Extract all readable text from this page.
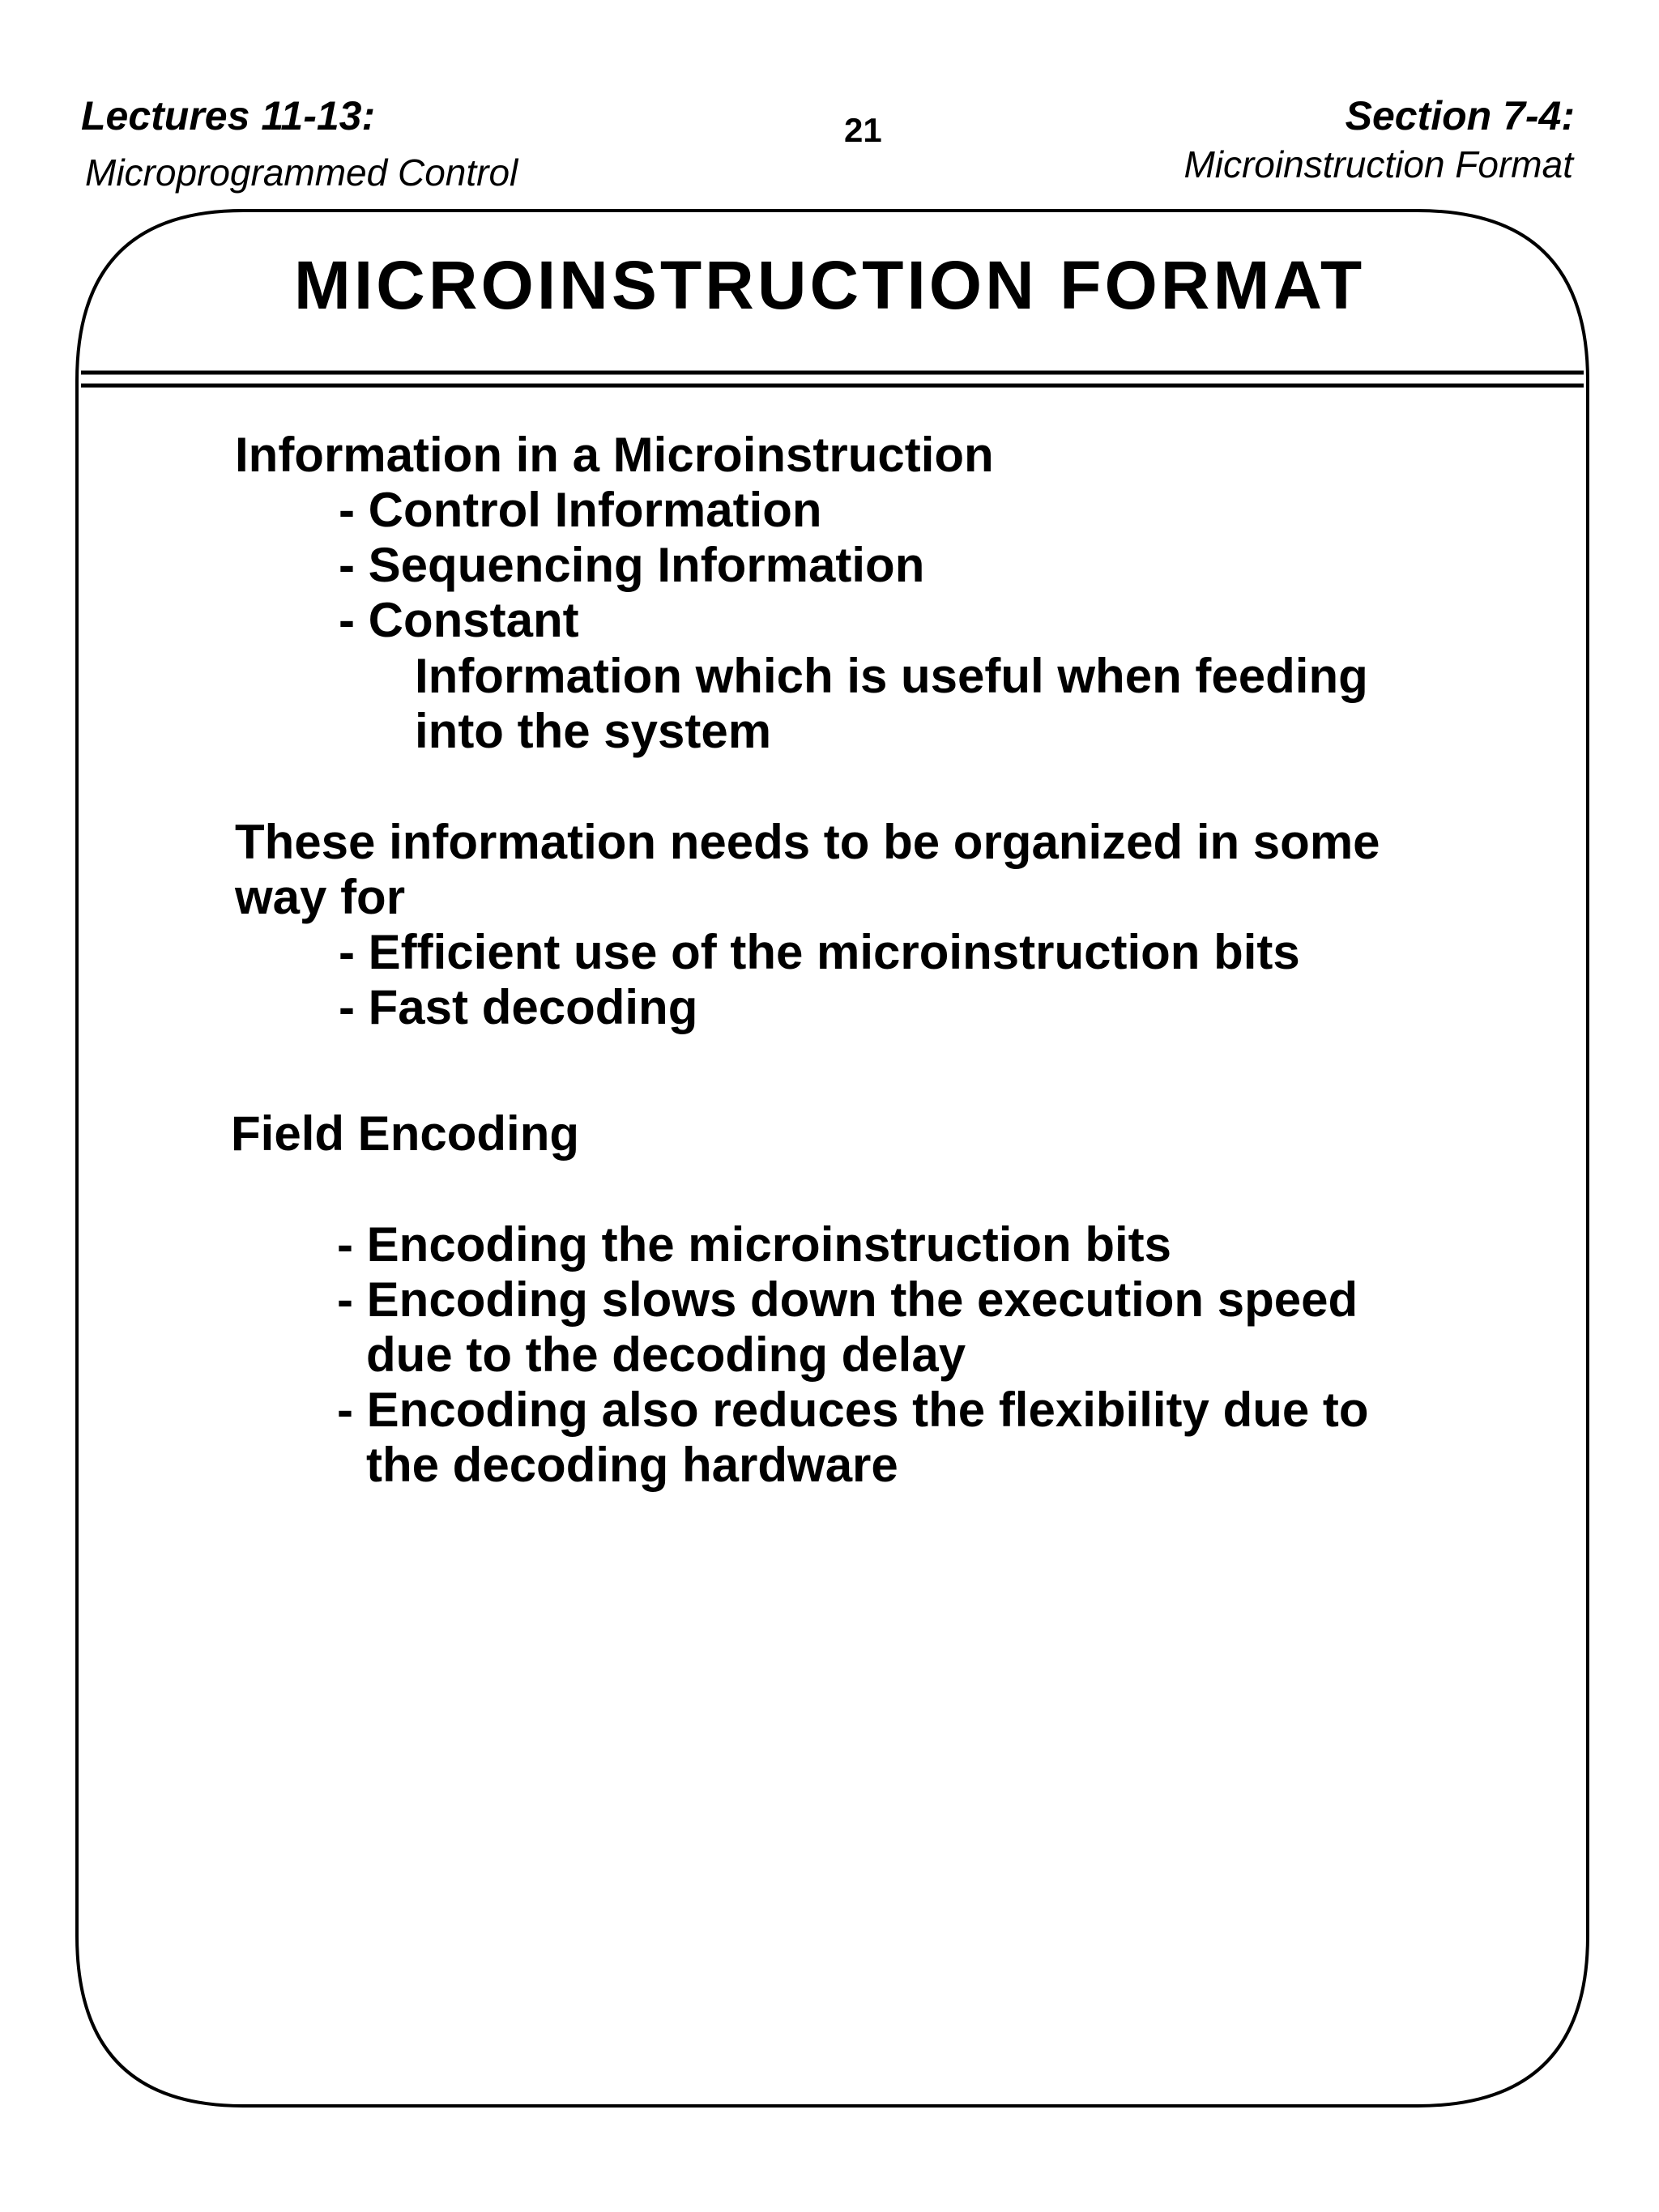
Lectures 11-13:
Microprogrammed Control
21	Section 7-4:
Microinstruction Format
MICROINSTRUCTION FORMAT
Information in a Microinstruction
- Control Information
- Sequencing Information
- Constant
Information which is useful when feeding
into the system
These information needs to be organized in some
way for
- Efficient use of the microinstruction bits
- Fast decoding
Field Encoding
- Encoding the microinstruction bits
- Encoding slows down the execution speed
due to the decoding delay
- Encoding also reduces the flexibility due to
the decoding hardware
